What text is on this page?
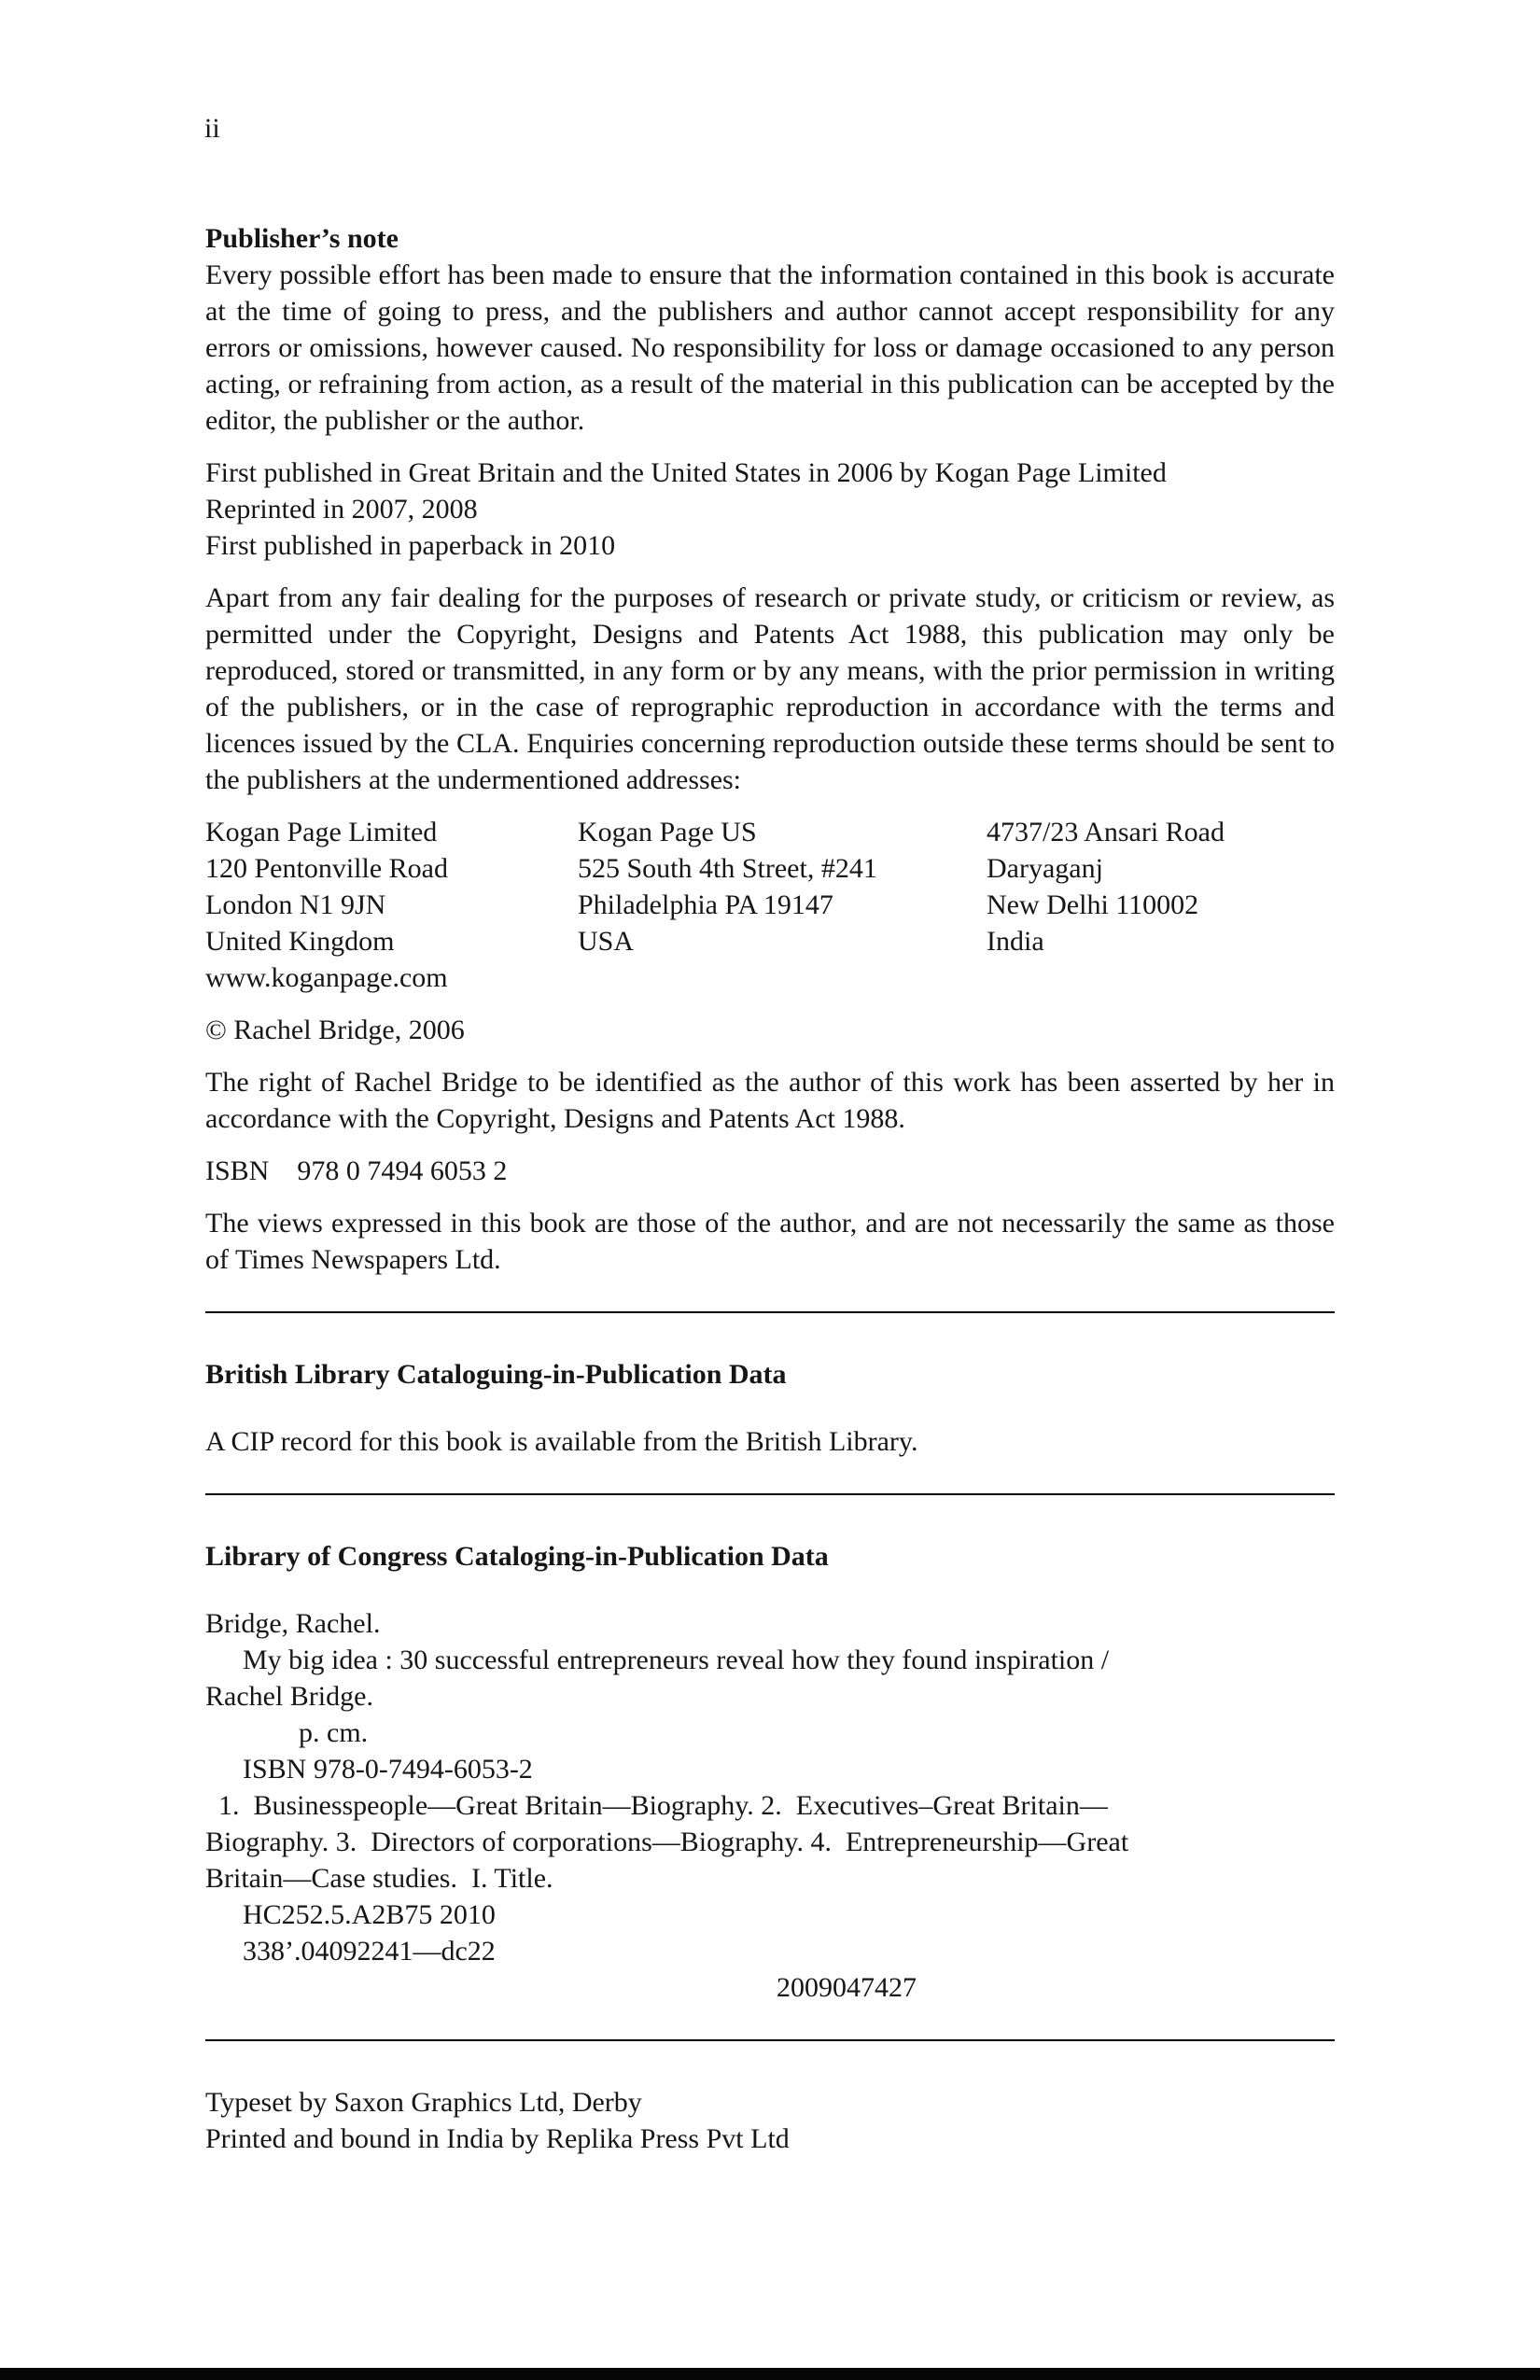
ii
Publisher’s note
Every possible effort has been made to ensure that the information contained in this book is accurate at the time of going to press, and the publishers and author cannot accept responsibility for any errors or omissions, however caused. No responsibility for loss or damage occasioned to any person acting, or refraining from action, as a result of the material in this publication can be accepted by the editor, the publisher or the author.
First published in Great Britain and the United States in 2006 by Kogan Page Limited
Reprinted in 2007, 2008
First published in paperback in 2010
Apart from any fair dealing for the purposes of research or private study, or criticism or review, as permitted under the Copyright, Designs and Patents Act 1988, this publication may only be reproduced, stored or transmitted, in any form or by any means, with the prior permission in writing of the publishers, or in the case of reprographic reproduction in accordance with the terms and licences issued by the CLA. Enquiries concerning reproduction outside these terms should be sent to the publishers at the undermentioned addresses:
Kogan Page Limited
120 Pentonville Road
London N1 9JN
United Kingdom
www.koganpage.com
Kogan Page US
525 South 4th Street, #241
Philadelphia PA 19147
USA
4737/23 Ansari Road
Daryaganj
New Delhi 110002
India
© Rachel Bridge, 2006
The right of Rachel Bridge to be identified as the author of this work has been asserted by her in accordance with the Copyright, Designs and Patents Act 1988.
ISBN    978 0 7494 6053 2
The views expressed in this book are those of the author, and are not necessarily the same as those of Times Newspapers Ltd.
British Library Cataloguing-in-Publication Data
A CIP record for this book is available from the British Library.
Library of Congress Cataloging-in-Publication Data
Bridge, Rachel.
My big idea : 30 successful entrepreneurs reveal how they found inspiration /
Rachel Bridge.
p. cm.
ISBN 978-0-7494-6053-2
1.  Businesspeople—Great Britain—Biography. 2.  Executives–Great Britain—
Biography. 3.  Directors of corporations—Biography. 4.  Entrepreneurship—Great
Britain—Case studies.  I. Title.
HC252.5.A2B75 2010
338’.04092241—dc22
2009047427
Typeset by Saxon Graphics Ltd, Derby
Printed and bound in India by Replika Press Pvt Ltd
